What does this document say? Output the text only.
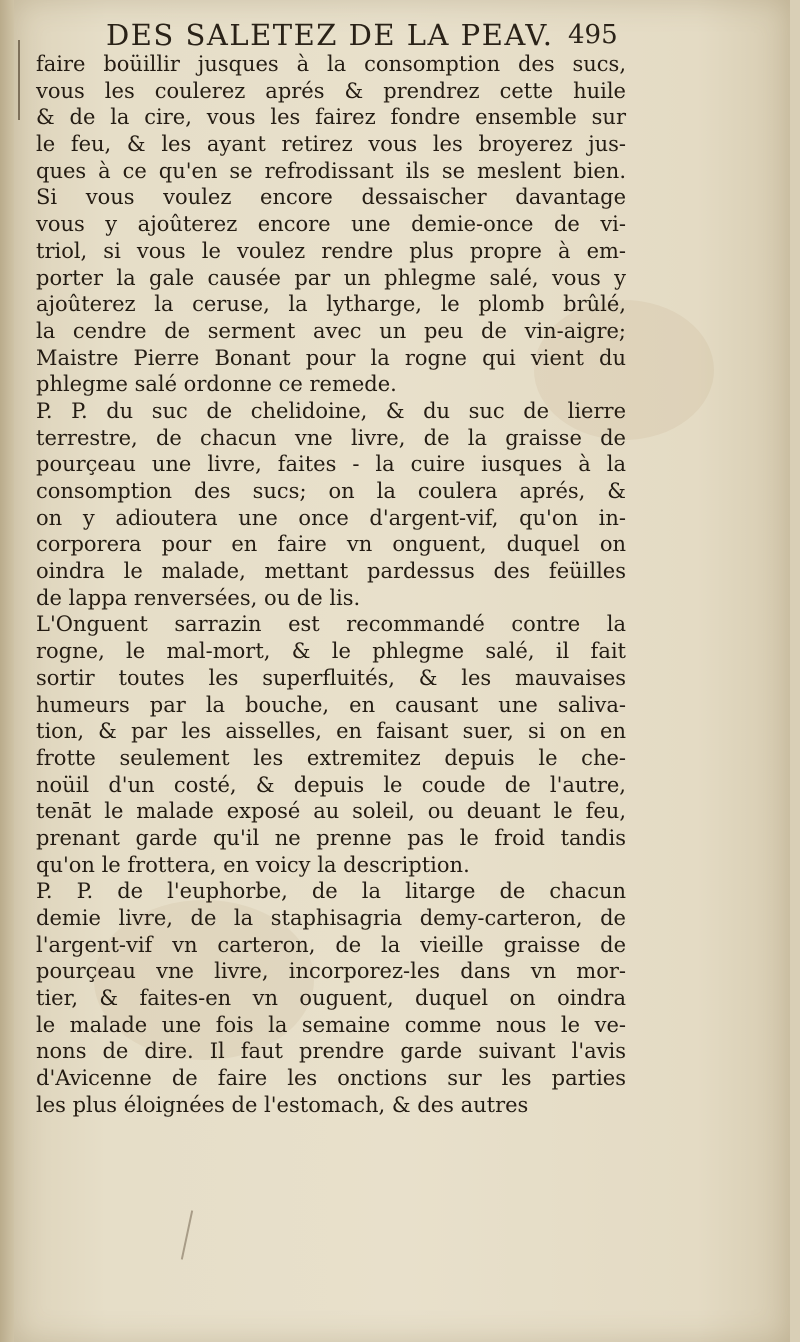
DES SALETEZ DE LA PEAV. 495
faire boüillir jusques à la consomption des sucs,
vous les coulerez aprés & prendrez cette huile
& de la cire, vous les fairez fondre ensemble sur
le feu, & les ayant retirez vous les broyerez jus-
ques à ce qu'en se refrodissant ils se meslent bien.
Si vous voulez encore dessaischer davantage
vous y ajoûterez encore une demie-once de vi-
triol, si vous le voulez rendre plus propre à em-
porter la gale causée par un phlegme salé, vous y
ajoûterez la ceruse, la lytharge, le plomb brûlé,
la cendre de serment avec un peu de vin-aigre;
Maistre Pierre Bonant pour la rogne qui vient du
phlegme salé ordonne ce remede.
P. P. du suc de chelidoine, & du suc de lierre
terrestre, de chacun vne livre, de la graisse de
pourçeau une livre, faites - la cuire iusques à la
consomption des sucs; on la coulera aprés, &
on y adioutera une once d'argent-vif, qu'on in-
corporera pour en faire vn onguent, duquel on
oindra le malade, mettant pardessus des feüilles
de lappa renversées, ou de lis.
L'Onguent sarrazin est recommandé contre la
rogne, le mal-mort, & le phlegme salé, il fait
sortir toutes les superfluités, & les mauvaises
humeurs par la bouche, en causant une saliva-
tion, & par les aisselles, en faisant suer, si on en
frotte seulement les extremitez depuis le che-
noüil d'un costé, & depuis le coude de l'autre,
tenāt le malade exposé au soleil, ou deuant le feu,
prenant garde qu'il ne prenne pas le froid tandis
qu'on le frottera, en voicy la description.
P. P. de l'euphorbe, de la litarge de chacun
demie livre, de la staphisagria demy-carteron, de
l'argent-vif vn carteron, de la vieille graisse de
pourçeau vne livre, incorporez-les dans vn mor-
tier, & faites-en vn ouguent, duquel on oindra
le malade une fois la semaine comme nous le ve-
nons de dire. Il faut prendre garde suivant l'avis
d'Avicenne de faire les onctions sur les parties
les plus éloignées de l'estomach, & des autres
